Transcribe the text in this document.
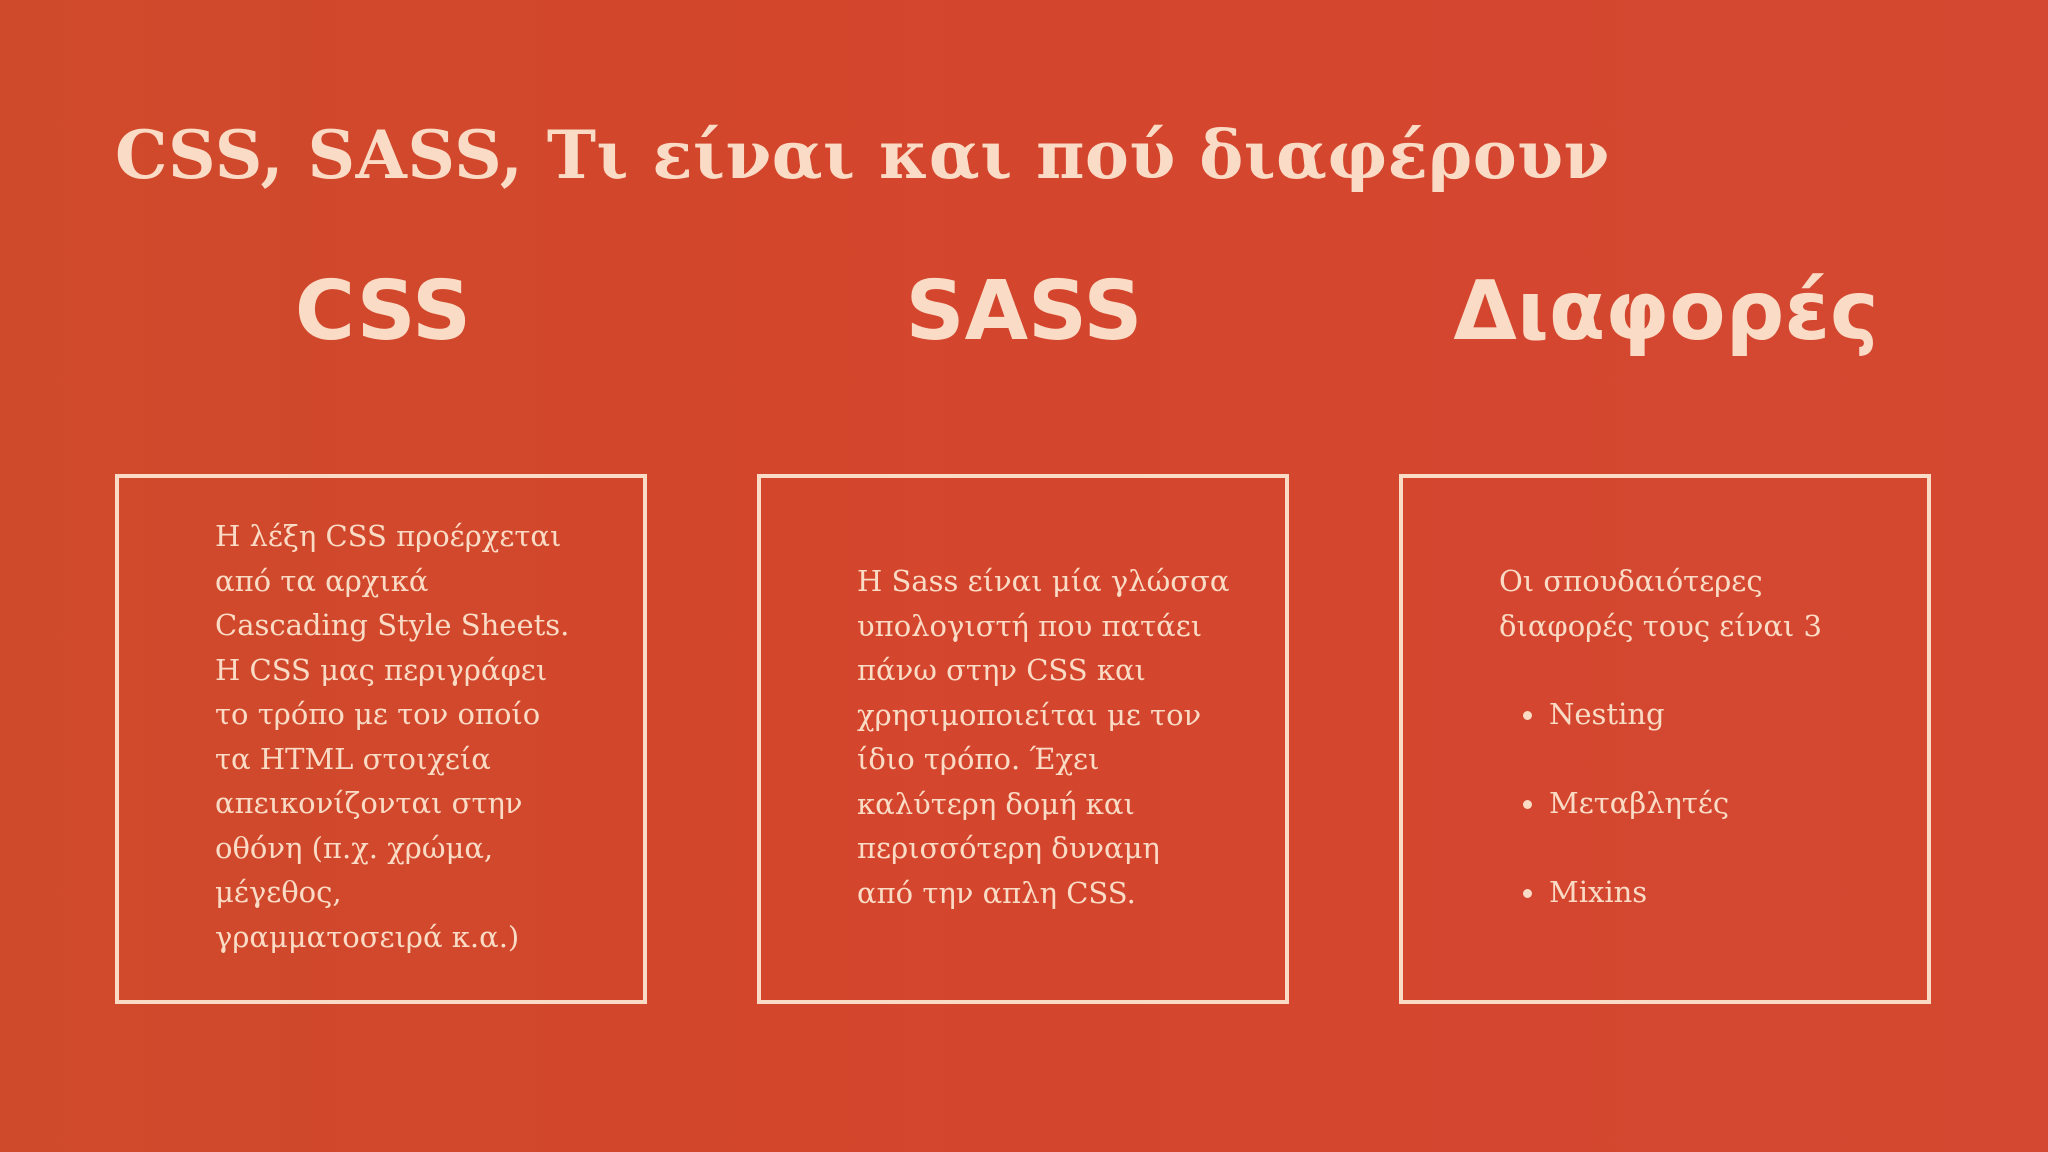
CSS, SASS, Τι είναι και πού διαφέρουν
CSS	SASS	Διαφορές

Η λέξη CSS προέρχεται
από τα αρχικά
Cascading Style Sheets.
Η CSS μας περιγράφει
το τρόπο με τον οποίο
τα HTML στοιχεία
απεικονίζονται στην
οθόνη (π.χ. χρώμα,
μέγεθος,
γραμματοσειρά κ.α.)

Η Sass είναι μία γλώσσα
υπολογιστή που πατάει
πάνω στην CSS και
χρησιμοποιείται με τον
ίδιο τρόπο. Έχει
καλύτερη δομή και
περισσότερη δυναμη
από την απλη CSS.

Οι σπουδαιότερες
διαφορές τους είναι 3

Nesting
Μεταβλητές
Mixins
